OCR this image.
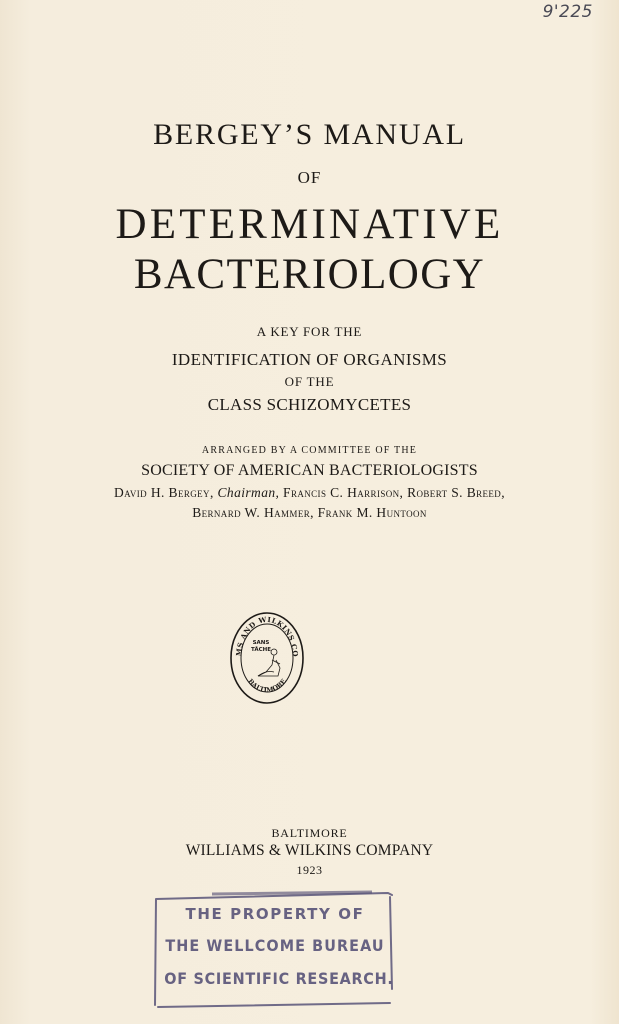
9'225
BERGEY’S MANUAL
OF
DETERMINATIVE
BACTERIOLOGY
A KEY FOR THE
IDENTIFICATION OF ORGANISMS
OF THE
CLASS SCHIZOMYCETES
ARRANGED BY A COMMITTEE OF THE
SOCIETY OF AMERICAN BACTERIOLOGISTS
David H. Bergey, Chairman, Francis C. Harrison, Robert S. Breed,
Bernard W. Hammer, Frank M. Huntoon
MS AND WILKINS CO
BALTIMORE
SANS
TÂCHE
BALTIMORE
WILLIAMS & WILKINS COMPANY
1923
THE PROPERTY OF
THE WELLCOME BUREAU
OF SCIENTIFIC RESEARCH.
